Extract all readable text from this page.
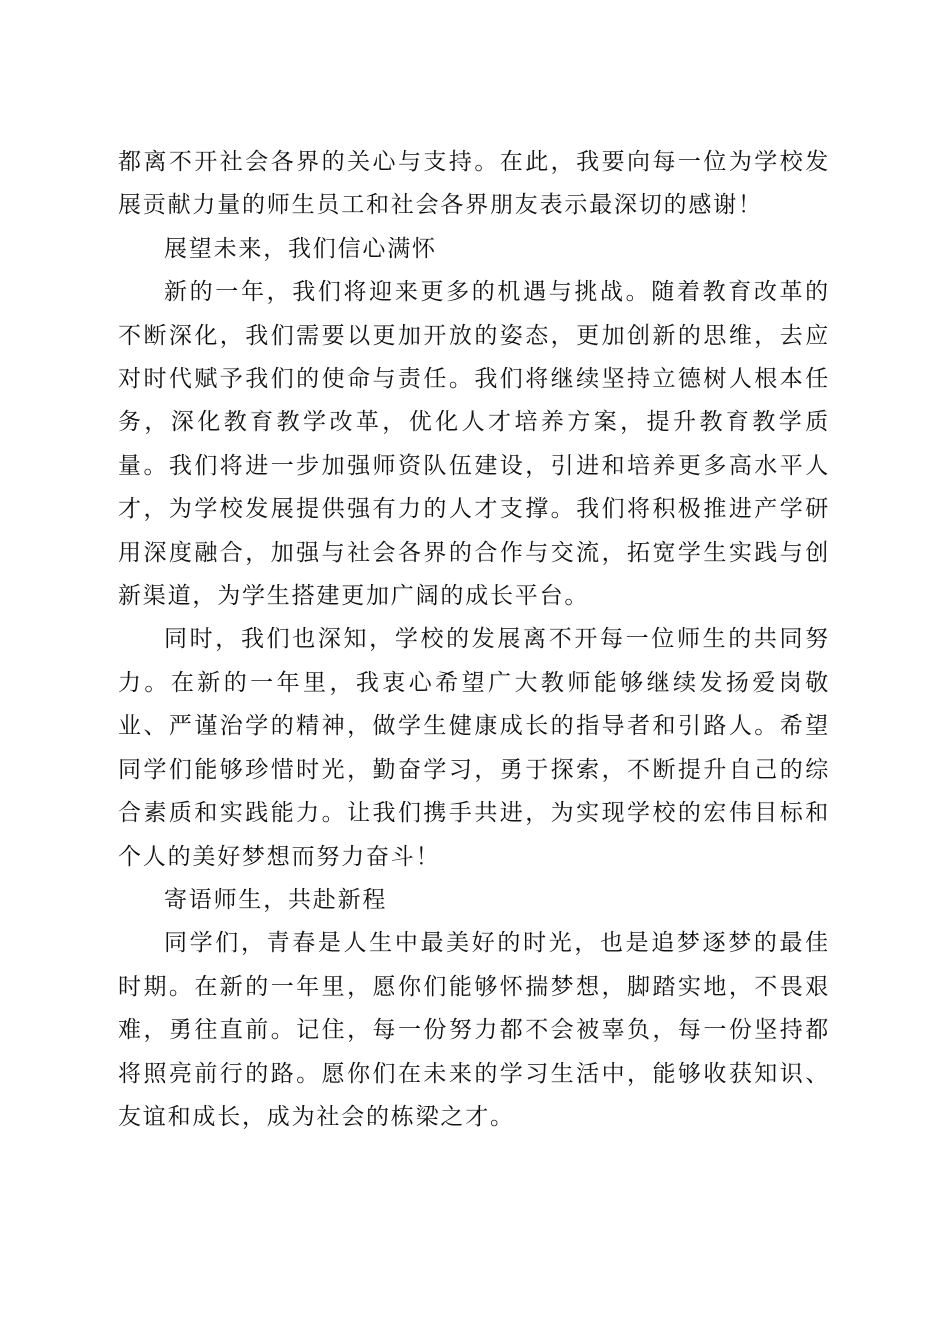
都离不开社会各界的关心与支持。在此，我要向每一位为学校发展贡献力量的师生员工和社会各界朋友表示最深切的感谢！

展望未来，我们信心满怀

新的一年，我们将迎来更多的机遇与挑战。随着教育改革的不断深化，我们需要以更加开放的姿态，更加创新的思维，去应对时代赋予我们的使命与责任。我们将继续坚持立德树人根本任务，深化教育教学改革，优化人才培养方案，提升教育教学质量。我们将进一步加强师资队伍建设，引进和培养更多高水平人才，为学校发展提供强有力的人才支撑。我们将积极推进产学研用深度融合，加强与社会各界的合作与交流，拓宽学生实践与创新渠道，为学生搭建更加广阔的成长平台。

同时，我们也深知，学校的发展离不开每一位师生的共同努力。在新的一年里，我衷心希望广大教师能够继续发扬爱岗敬业、严谨治学的精神，做学生健康成长的指导者和引路人。希望同学们能够珍惜时光，勤奋学习，勇于探索，不断提升自己的综合素质和实践能力。让我们携手共进，为实现学校的宏伟目标和个人的美好梦想而努力奋斗！

寄语师生，共赴新程

同学们，青春是人生中最美好的时光，也是追梦逐梦的最佳时期。在新的一年里，愿你们能够怀揣梦想，脚踏实地，不畏艰难，勇往直前。记住，每一份努力都不会被辜负，每一份坚持都将照亮前行的路。愿你们在未来的学习生活中，能够收获知识、友谊和成长，成为社会的栋梁之才。
